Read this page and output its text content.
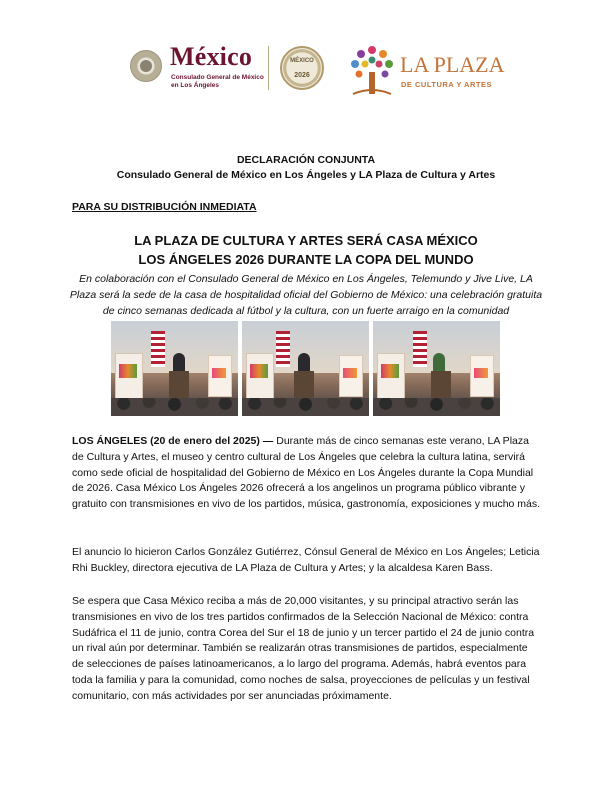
México
Consulado General de México
en Los Ángeles
MÉXICO
2026	LA PLAZA
DE CULTURA Y ARTES
DECLARACIÓN CONJUNTA
Consulado General de México en Los Ángeles y LA Plaza de Cultura y Artes
PARA SU DISTRIBUCIÓN INMEDIATA
LA PLAZA DE CULTURA Y ARTES SERÁ CASA MÉXICO
LOS ÁNGELES 2026 DURANTE LA COPA DEL MUNDO
En colaboración con el Consulado General de México en Los Ángeles, Telemundo y Jive Live, LA Plaza será la sede de la casa de hospitalidad oficial del Gobierno de México: una celebración gratuita de cinco semanas dedicada al fútbol y la cultura, con un fuerte arraigo en la comunidad
LOS ÁNGELES (20 de enero del 2025) — Durante más de cinco semanas este verano, LA Plaza de Cultura y Artes, el museo y centro cultural de Los Ángeles que celebra la cultura latina, servirá como sede oficial de hospitalidad del Gobierno de México en Los Ángeles durante la Copa Mundial de 2026. Casa México Los Ángeles 2026 ofrecerá a los angelinos un programa público vibrante y gratuito con transmisiones en vivo de los partidos, música, gastronomía, exposiciones y mucho más.
El anuncio lo hicieron Carlos González Gutiérrez, Cónsul General de México en Los Ángeles; Leticia Rhi Buckley, directora ejecutiva de LA Plaza de Cultura y Artes; y la alcaldesa Karen Bass.
Se espera que Casa México reciba a más de 20,000 visitantes, y su principal atractivo serán las transmisiones en vivo de los tres partidos confirmados de la Selección Nacional de México: contra Sudáfrica el 11 de junio, contra Corea del Sur el 18 de junio y un tercer partido el 24 de junio contra un rival aún por determinar. También se realizarán otras transmisiones de partidos, especialmente de selecciones de países latinoamericanos, a lo largo del programa. Además, habrá eventos para toda la familia y para la comunidad, como noches de salsa, proyecciones de películas y un festival comunitario, con más actividades por ser anunciadas próximamente.
